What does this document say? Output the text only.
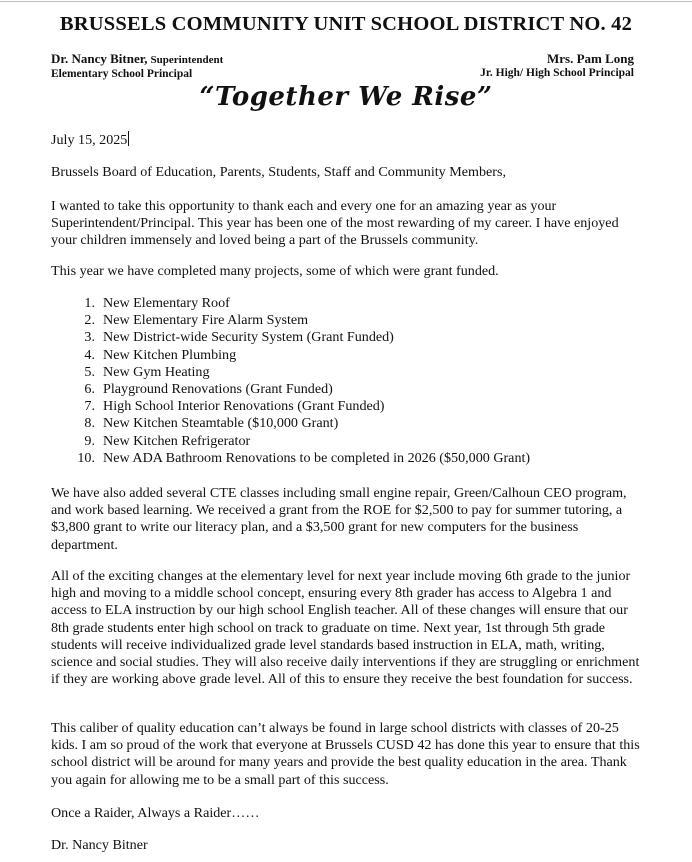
BRUSSELS COMMUNITY UNIT SCHOOL DISTRICT NO. 42
Dr. Nancy Bitner, Superintendent
Elementary School Principal
Mrs. Pam Long
Jr. High/ High School Principal
“Together We Rise”
July 15, 2025
Brussels Board of Education, Parents, Students, Staff and Community Members,
I wanted to take this opportunity to thank each and every one for an amazing year as your Superintendent/Principal. This year has been one of the most rewarding of my career. I have enjoyed your children immensely and loved being a part of the Brussels community.
This year we have completed many projects, some of which were grant funded.
1.
New Elementary Roof
2.
New Elementary Fire Alarm System
3.
New District-wide Security System (Grant Funded)
4.
New Kitchen Plumbing
5.
New Gym Heating
6.
Playground Renovations (Grant Funded)
7.
High School Interior Renovations (Grant Funded)
8.
New Kitchen Steamtable ($10,000 Grant)
9.
New Kitchen Refrigerator
10.
New ADA Bathroom Renovations to be completed in 2026 ($50,000 Grant)
We have also added several CTE classes including small engine repair, Green/Calhoun CEO program, and work based learning. We received a grant from the ROE for $2,500 to pay for summer tutoring, a $3,800 grant to write our literacy plan, and a $3,500 grant for new computers for the business department.
All of the exciting changes at the elementary level for next year include moving 6th grade to the junior high and moving to a middle school concept, ensuring every 8th grader has access to Algebra 1 and access to ELA instruction by our high school English teacher. All of these changes will ensure that our 8th grade students enter high school on track to graduate on time. Next year, 1st through 5th grade students will receive individualized grade level standards based instruction in ELA, math, writing, science and social studies. They will also receive daily interventions if they are struggling or enrichment if they are working above grade level. All of this to ensure they receive the best foundation for success.
This caliber of quality education can’t always be found in large school districts with classes of 20-25 kids. I am so proud of the work that everyone at Brussels CUSD 42 has done this year to ensure that this school district will be around for many years and provide the best quality education in the area. Thank you again for allowing me to be a small part of this success.
Once a Raider, Always a Raider……
Dr. Nancy Bitner
